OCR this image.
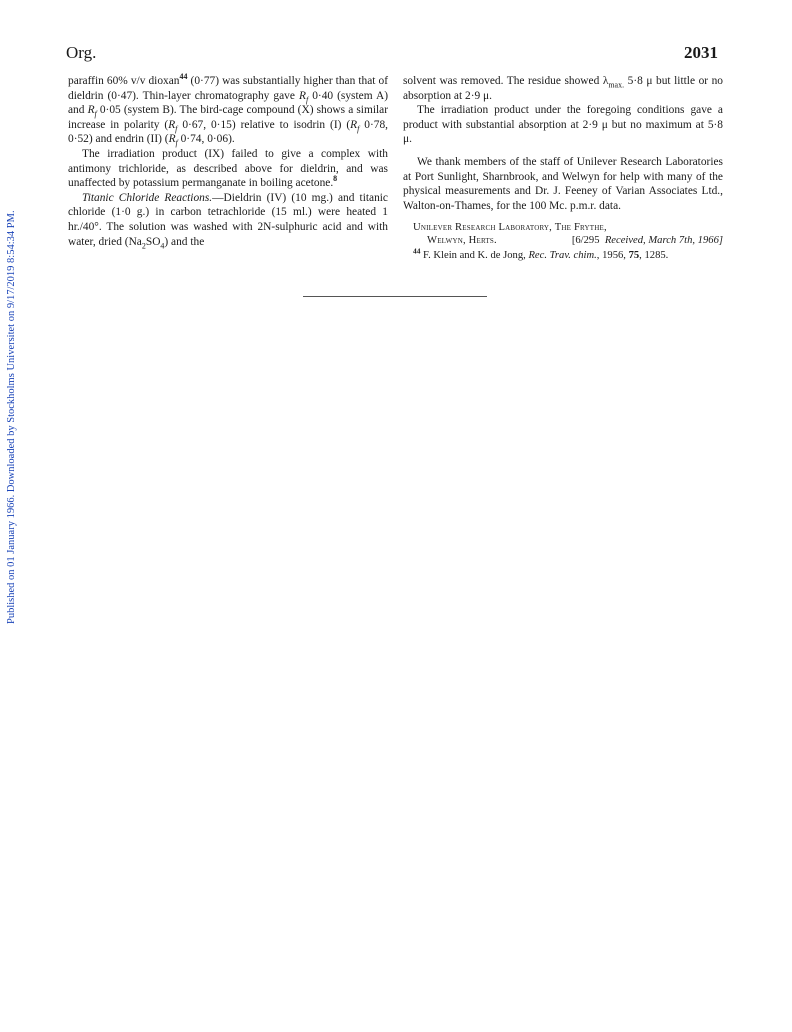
Org.	2031

paraffin 60% v/v dioxan$^{44}$ (0·77) was substantially higher than that of dieldrin (0·47). Thin-layer chromatography gave $R_f$ 0·40 (system A) and $R_f$ 0·05 (system B). The bird-cage compound (X) shows a similar increase in polarity ($R_f$ 0·67, 0·15) relative to isodrin (I) ($R_f$ 0·78, 0·52) and endrin (II) ($R_f$ 0·74, 0·06).

The irradiation product (IX) failed to give a complex with antimony trichloride, as described above for dieldrin, and was unaffected by potassium permanganate in boiling acetone.$^8$

Titanic Chloride Reactions.—Dieldrin (IV) (10 mg.) and titanic chloride (1·0 g.) in carbon tetrachloride (15 ml.) were heated 1 hr./40°. The solution was washed with 2N-sulphuric acid and with water, dried $(Na_2SO_4)$ and the

solvent was removed. The residue showed $\lambda_{max.}$ 5·8 μ but little or no absorption at 2·9 μ.

The irradiation product under the foregoing conditions gave a product with substantial absorption at 2·9 μ but no maximum at 5·8 μ.

We thank members of the staff of Unilever Research Laboratories at Port Sunlight, Sharnbrook, and Welwyn for help with many of the physical measurements and Dr. J. Feeney of Varian Associates Ltd., Walton-on-Thames, for the 100 Mc. p.m.r. data.

Unilever Research Laboratory, The Frythe,
Welwyn, Herts.	[6/295 Received, March 7th, 1966]
$^{44}$ F. Klein and K. de Jong, Rec. Trav. chim., 1956, 75, 1285.
Published on 01 January 1966. Downloaded by Stockholms Universitet on 9/17/2019 8:54:34 PM.
